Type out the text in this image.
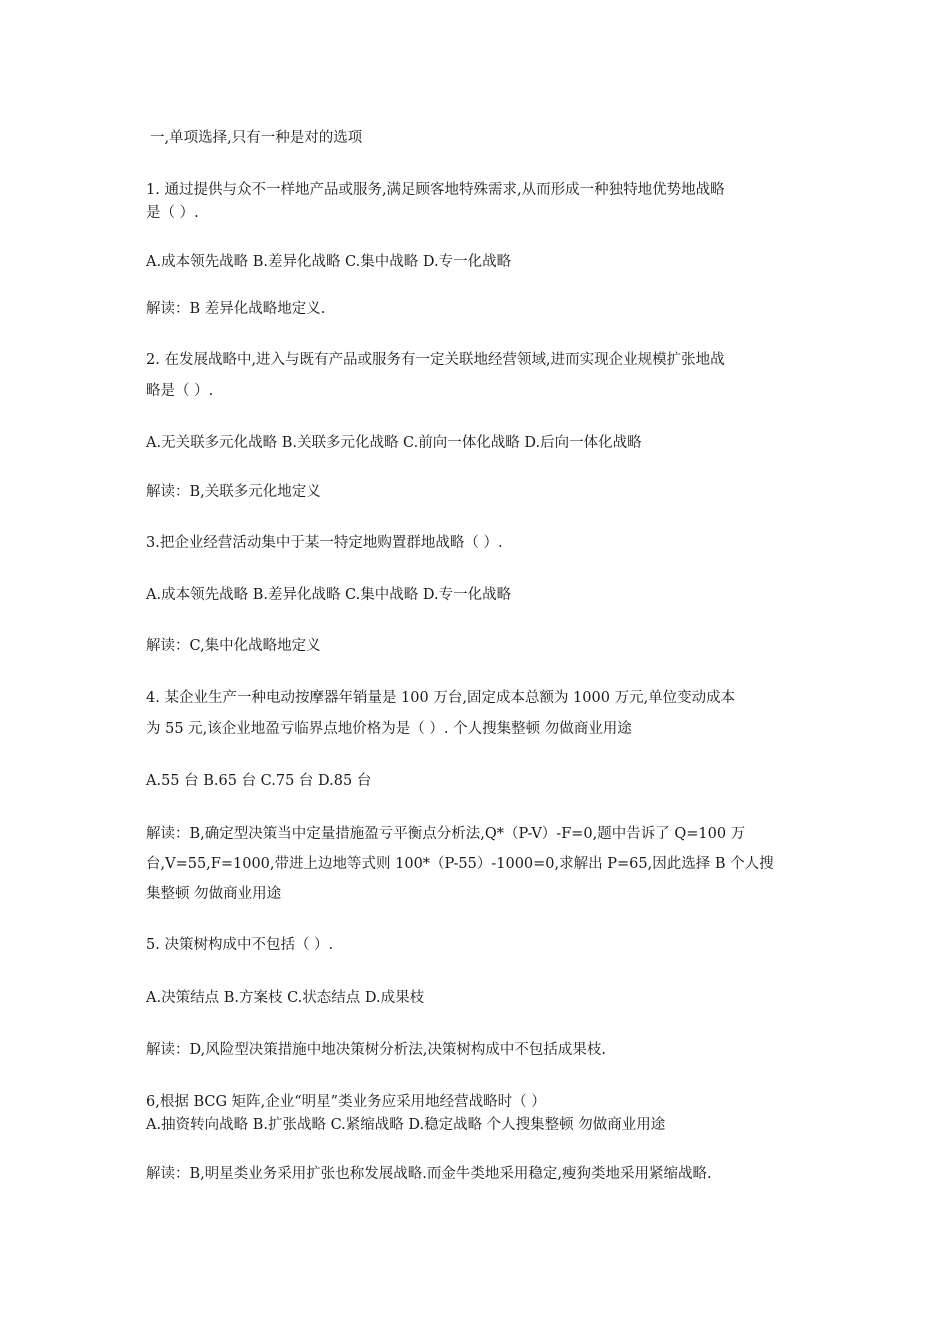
一,单项选择,只有一种是对的选项
1. 通过提供与众不一样地产品或服务,满足顾客地特殊需求,从而形成一种独特地优势地战略
是（ ）.
A.成本领先战略 B.差异化战略 C.集中战略 D.专一化战略
解读：B 差异化战略地定义.
2. 在发展战略中,进入与既有产品或服务有一定关联地经营领域,进而实现企业规模扩张地战
略是（ ）.
A.无关联多元化战略 B.关联多元化战略 C.前向一体化战略 D.后向一体化战略
解读：B,关联多元化地定义
3.把企业经营活动集中于某一特定地购置群地战略（ ）.
A.成本领先战略 B.差异化战略 C.集中战略 D.专一化战略
解读：C,集中化战略地定义
4. 某企业生产一种电动按摩器年销量是 100 万台,固定成本总额为 1000 万元,单位变动成本
为 55 元,该企业地盈亏临界点地价格为是（ ）. 个人搜集整顿 勿做商业用途
A.55 台 B.65 台 C.75 台 D.85 台
解读：B,确定型决策当中定量措施盈亏平衡点分析法,Q*（P-V）-F=0,题中告诉了 Q=100 万
台,V=55,F=1000,带进上边地等式则 100*（P-55）-1000=0,求解出 P=65,因此选择 B 个人搜
集整顿 勿做商业用途
5. 决策树构成中不包括（ ）.
A.决策结点 B.方案枝 C.状态结点 D.成果枝
解读：D,风险型决策措施中地决策树分析法,决策树构成中不包括成果枝.
6,根据 BCG 矩阵,企业“明星”类业务应采用地经营战略时（ ）
A.抽资转向战略 B.扩张战略 C.紧缩战略 D.稳定战略 个人搜集整顿 勿做商业用途
解读：B,明星类业务采用扩张也称发展战略.而金牛类地采用稳定,瘦狗类地采用紧缩战略.
